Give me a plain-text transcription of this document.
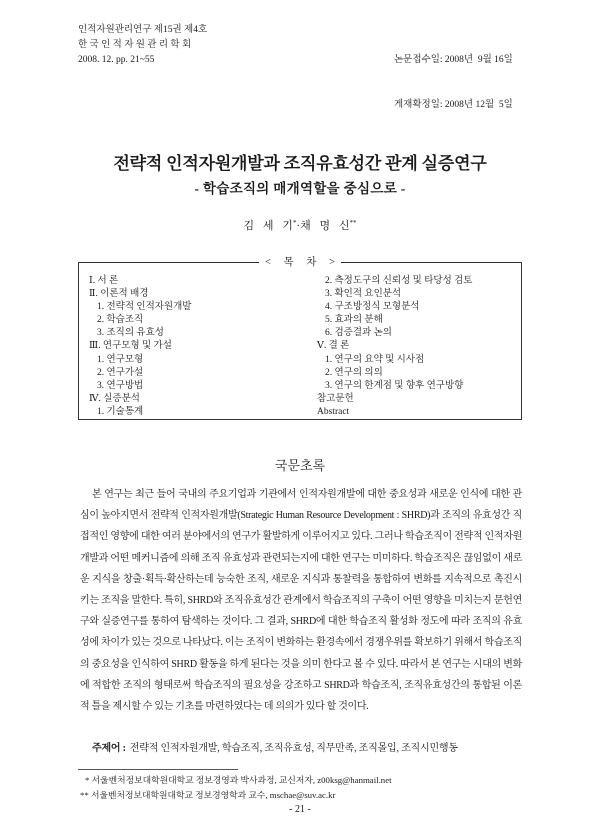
인적자원관리연구 제15권 제4호
한 국 인 적 자 원 관 리 학 회
2008. 12. pp. 21~55

	논문접수일: 2008년  9월 16일

게재확정일: 2008년 12월  5일

전략적 인적자원개발과 조직유효성간 관계 실증연구
- 학습조직의 매개역할을 중심으로 -
김 세 기*·채 명 신**
< 목 차 >
Ⅰ. 서 론
Ⅱ. 이론적 배경
1. 전략적 인적자원개발
2. 학습조직
3. 조직의 유효성
Ⅲ. 연구모형 및 가설
1. 연구모형
2. 연구가설
3. 연구방법
Ⅳ. 실증분석
1. 기술통계
2. 측정도구의 신뢰성 및 타당성 검토
3. 확인적 요인분석
4. 구조방정식 모형분석
5. 효과의 분해
6. 검증결과 논의
Ⅴ. 결 론
1. 연구의 요약 및 시사점
2. 연구의 의의
3. 연구의 한계점 및 향후 연구방향
참고문헌
Abstract
국문초록

본 연구는 최근 들어 국내의 주요기업과 기관에서 인적자원개발에 대한 중요성과 새로운 인식에 대한 관심이 높아지면서 전략적 인적자원개발(Strategic Human Resource Development : SHRD)과 조직의 유효성간 직접적인 영향에 대한 여러 분야에서의 연구가 활발하게 이루어지고 있다. 그러나 학습조직이 전략적 인적자원개발과 어떤 메커니즘에 의해 조직 유효성과 관련되는지에 대한 연구는 미미하다. 학습조직은 끊임없이 새로운 지식을 창출·획득·확산하는데 능숙한 조직, 새로운 지식과 통찰력을 통합하여 변화를 지속적으로 촉진시키는 조직을 말한다. 특히, SHRD와 조직유효성간 관계에서 학습조직의 구축이 어떤 영향을 미치는지 문헌연구와 실증연구를 통하여 탐색하는 것이다. 그 결과, SHRD에 대한 학습조직 활성화 정도에 따라 조직의 유효성에 차이가 있는 것으로 나타났다. 이는 조직이 변화하는 환경속에서 경쟁우위를 확보하기 위해서 학습조직의 중요성을 인식하여 SHRD 활동을 하게 된다는 것을 의미 한다고 볼 수 있다. 따라서 본 연구는 시대의 변화에 적합한 조직의 형태로써 학습조직의 필요성을 강조하고 SHRD과 학습조직, 조직유효성간의 통합된 이론적 틀을 제시할 수 있는 기초를 마련하였다는 데 의의가 있다 할 것이다.

주제어 : 전략적 인적자원개발, 학습조직, 조직유효성, 직무만족, 조직몰입, 조직시민행동
* 서울벤처정보대학원대학교 정보경영과 박사과정, 교신저자, z00ksg@hanmail.net
** 서울벤처정보대학원대학교 정보경영학과 교수, mschae@suv.ac.kr
- 21 -
